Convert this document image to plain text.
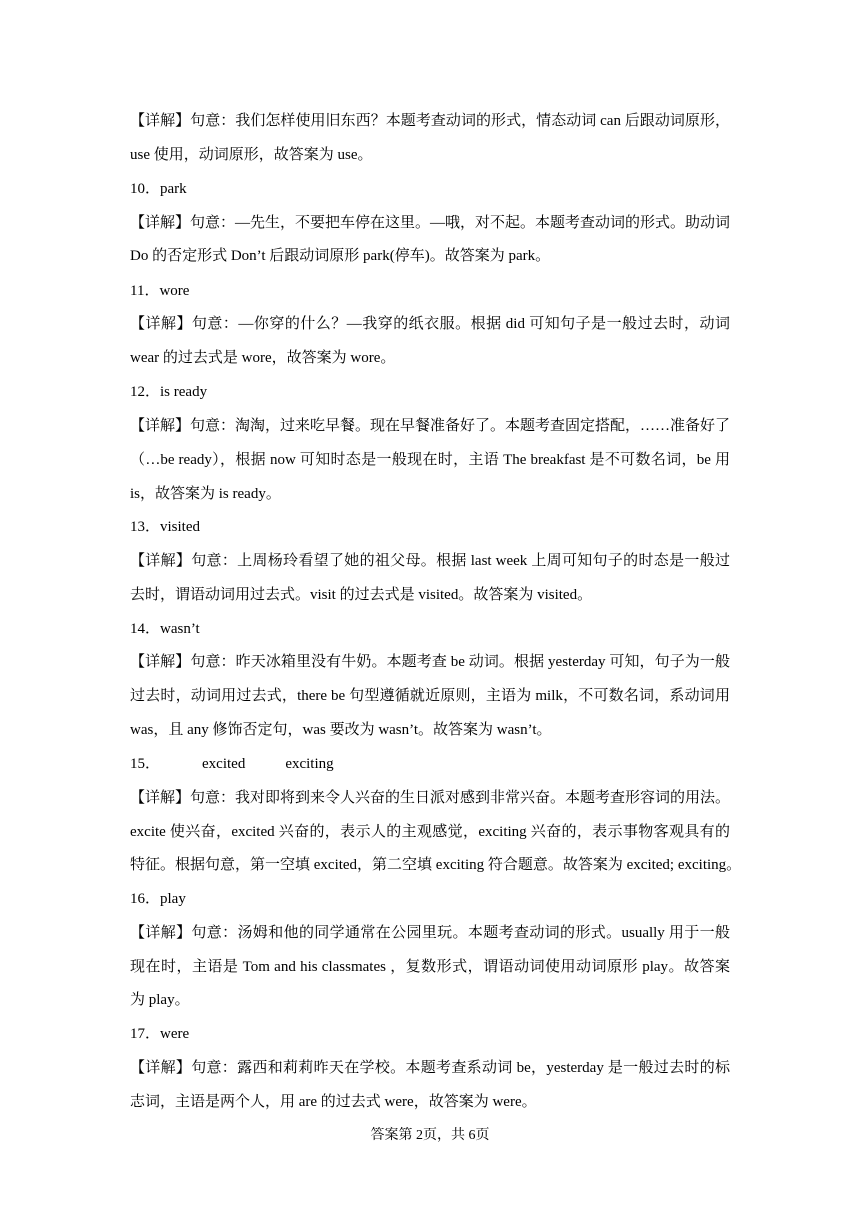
【详解】句意：我们怎样使用旧东西？本题考查动词的形式，情态动词 can 后跟动词原形，
use 使用，动词原形，故答案为 use。
10．park
【详解】句意：—先生，不要把车停在这里。—哦，对不起。本题考查动词的形式。助动词
Do 的否定形式 Don’t 后跟动词原形 park(停车)。故答案为 park。
11．wore
【详解】句意：—你穿的什么？—我穿的纸衣服。根据 did 可知句子是一般过去时，动词
wear 的过去式是 wore，故答案为 wore。
12．is ready
【详解】句意：淘淘，过来吃早餐。现在早餐准备好了。本题考查固定搭配，……准备好了
（…be ready），根据 now 可知时态是一般现在时，主语 The breakfast 是不可数名词，be 用
is，故答案为 is ready。
13．visited
【详解】句意：上周杨玲看望了她的祖父母。根据 last week 上周可知句子的时态是一般过
去时，谓语动词用过去式。visit 的过去式是 visited。故答案为 visited。
14．wasn’t
【详解】句意：昨天冰箱里没有牛奶。本题考查 be 动词。根据 yesterday 可知，句子为一般
过去时，动词用过去式，there be 句型遵循就近原则，主语为 milk，不可数名词，系动词用
was，且 any 修饰否定句，was 要改为 wasn’t。故答案为 wasn’t。
15．	excited	exciting
【详解】句意：我对即将到来令人兴奋的生日派对感到非常兴奋。本题考查形容词的用法。
excite 使兴奋，excited 兴奋的，表示人的主观感觉，exciting 兴奋的，表示事物客观具有的
特征。根据句意，第一空填 excited，第二空填 exciting 符合题意。故答案为 excited; exciting。
16．play
【详解】句意：汤姆和他的同学通常在公园里玩。本题考查动词的形式。usually 用于一般
现在时，主语是 Tom and his classmates ，复数形式，谓语动词使用动词原形 play。故答案
为 play。
17．were
【详解】句意：露西和莉莉昨天在学校。本题考查系动词 be，yesterday 是一般过去时的标
志词，主语是两个人，用 are 的过去式 were，故答案为 were。
答案第 2页，共 6页
